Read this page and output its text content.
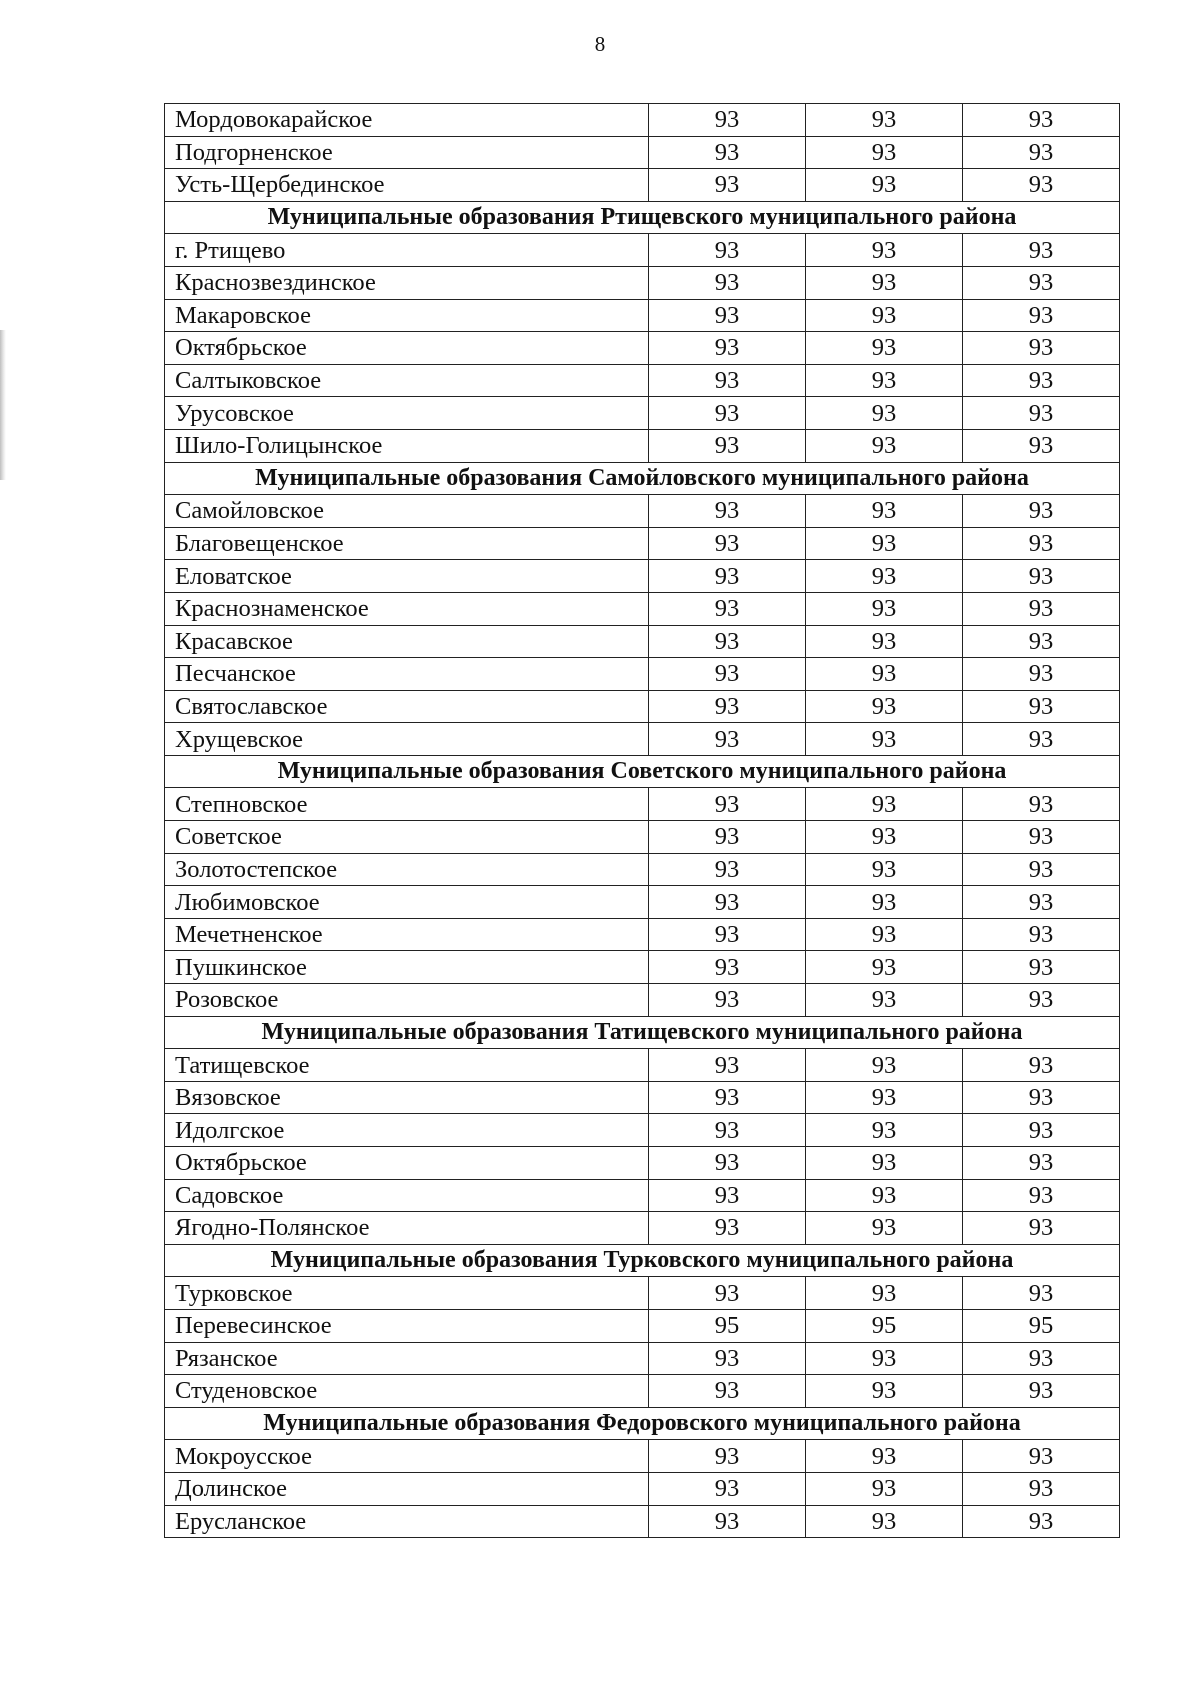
8
Мордовокарайское	93	93	93
Подгорненское	93	93	93
Усть-Щербединское	93	93	93
Муниципальные образования Ртищевского муниципального района			
г. Ртищево	93	93	93
Краснозвездинское	93	93	93
Макаровское	93	93	93
Октябрьское	93	93	93
Салтыковское	93	93	93
Урусовское	93	93	93
Шило-Голицынское	93	93	93
Муниципальные образования Самойловского муниципального района			
Самойловское	93	93	93
Благовещенское	93	93	93
Еловатское	93	93	93
Краснознаменское	93	93	93
Красавское	93	93	93
Песчанское	93	93	93
Святославское	93	93	93
Хрущевское	93	93	93
Муниципальные образования Советского муниципального района			
Степновское	93	93	93
Советское	93	93	93
Золотостепское	93	93	93
Любимовское	93	93	93
Мечетненское	93	93	93
Пушкинское	93	93	93
Розовское	93	93	93
Муниципальные образования Татищевского муниципального района			
Татищевское	93	93	93
Вязовское	93	93	93
Идолгское	93	93	93
Октябрьское	93	93	93
Садовское	93	93	93
Ягодно-Полянское	93	93	93
Муниципальные образования Турковского муниципального района			
Турковское	93	93	93
Перевесинское	95	95	95
Рязанское	93	93	93
Студеновское	93	93	93
Муниципальные образования Федоровского муниципального района			
Мокроусское	93	93	93
Долинское	93	93	93
Ерусланское	93	93	93
